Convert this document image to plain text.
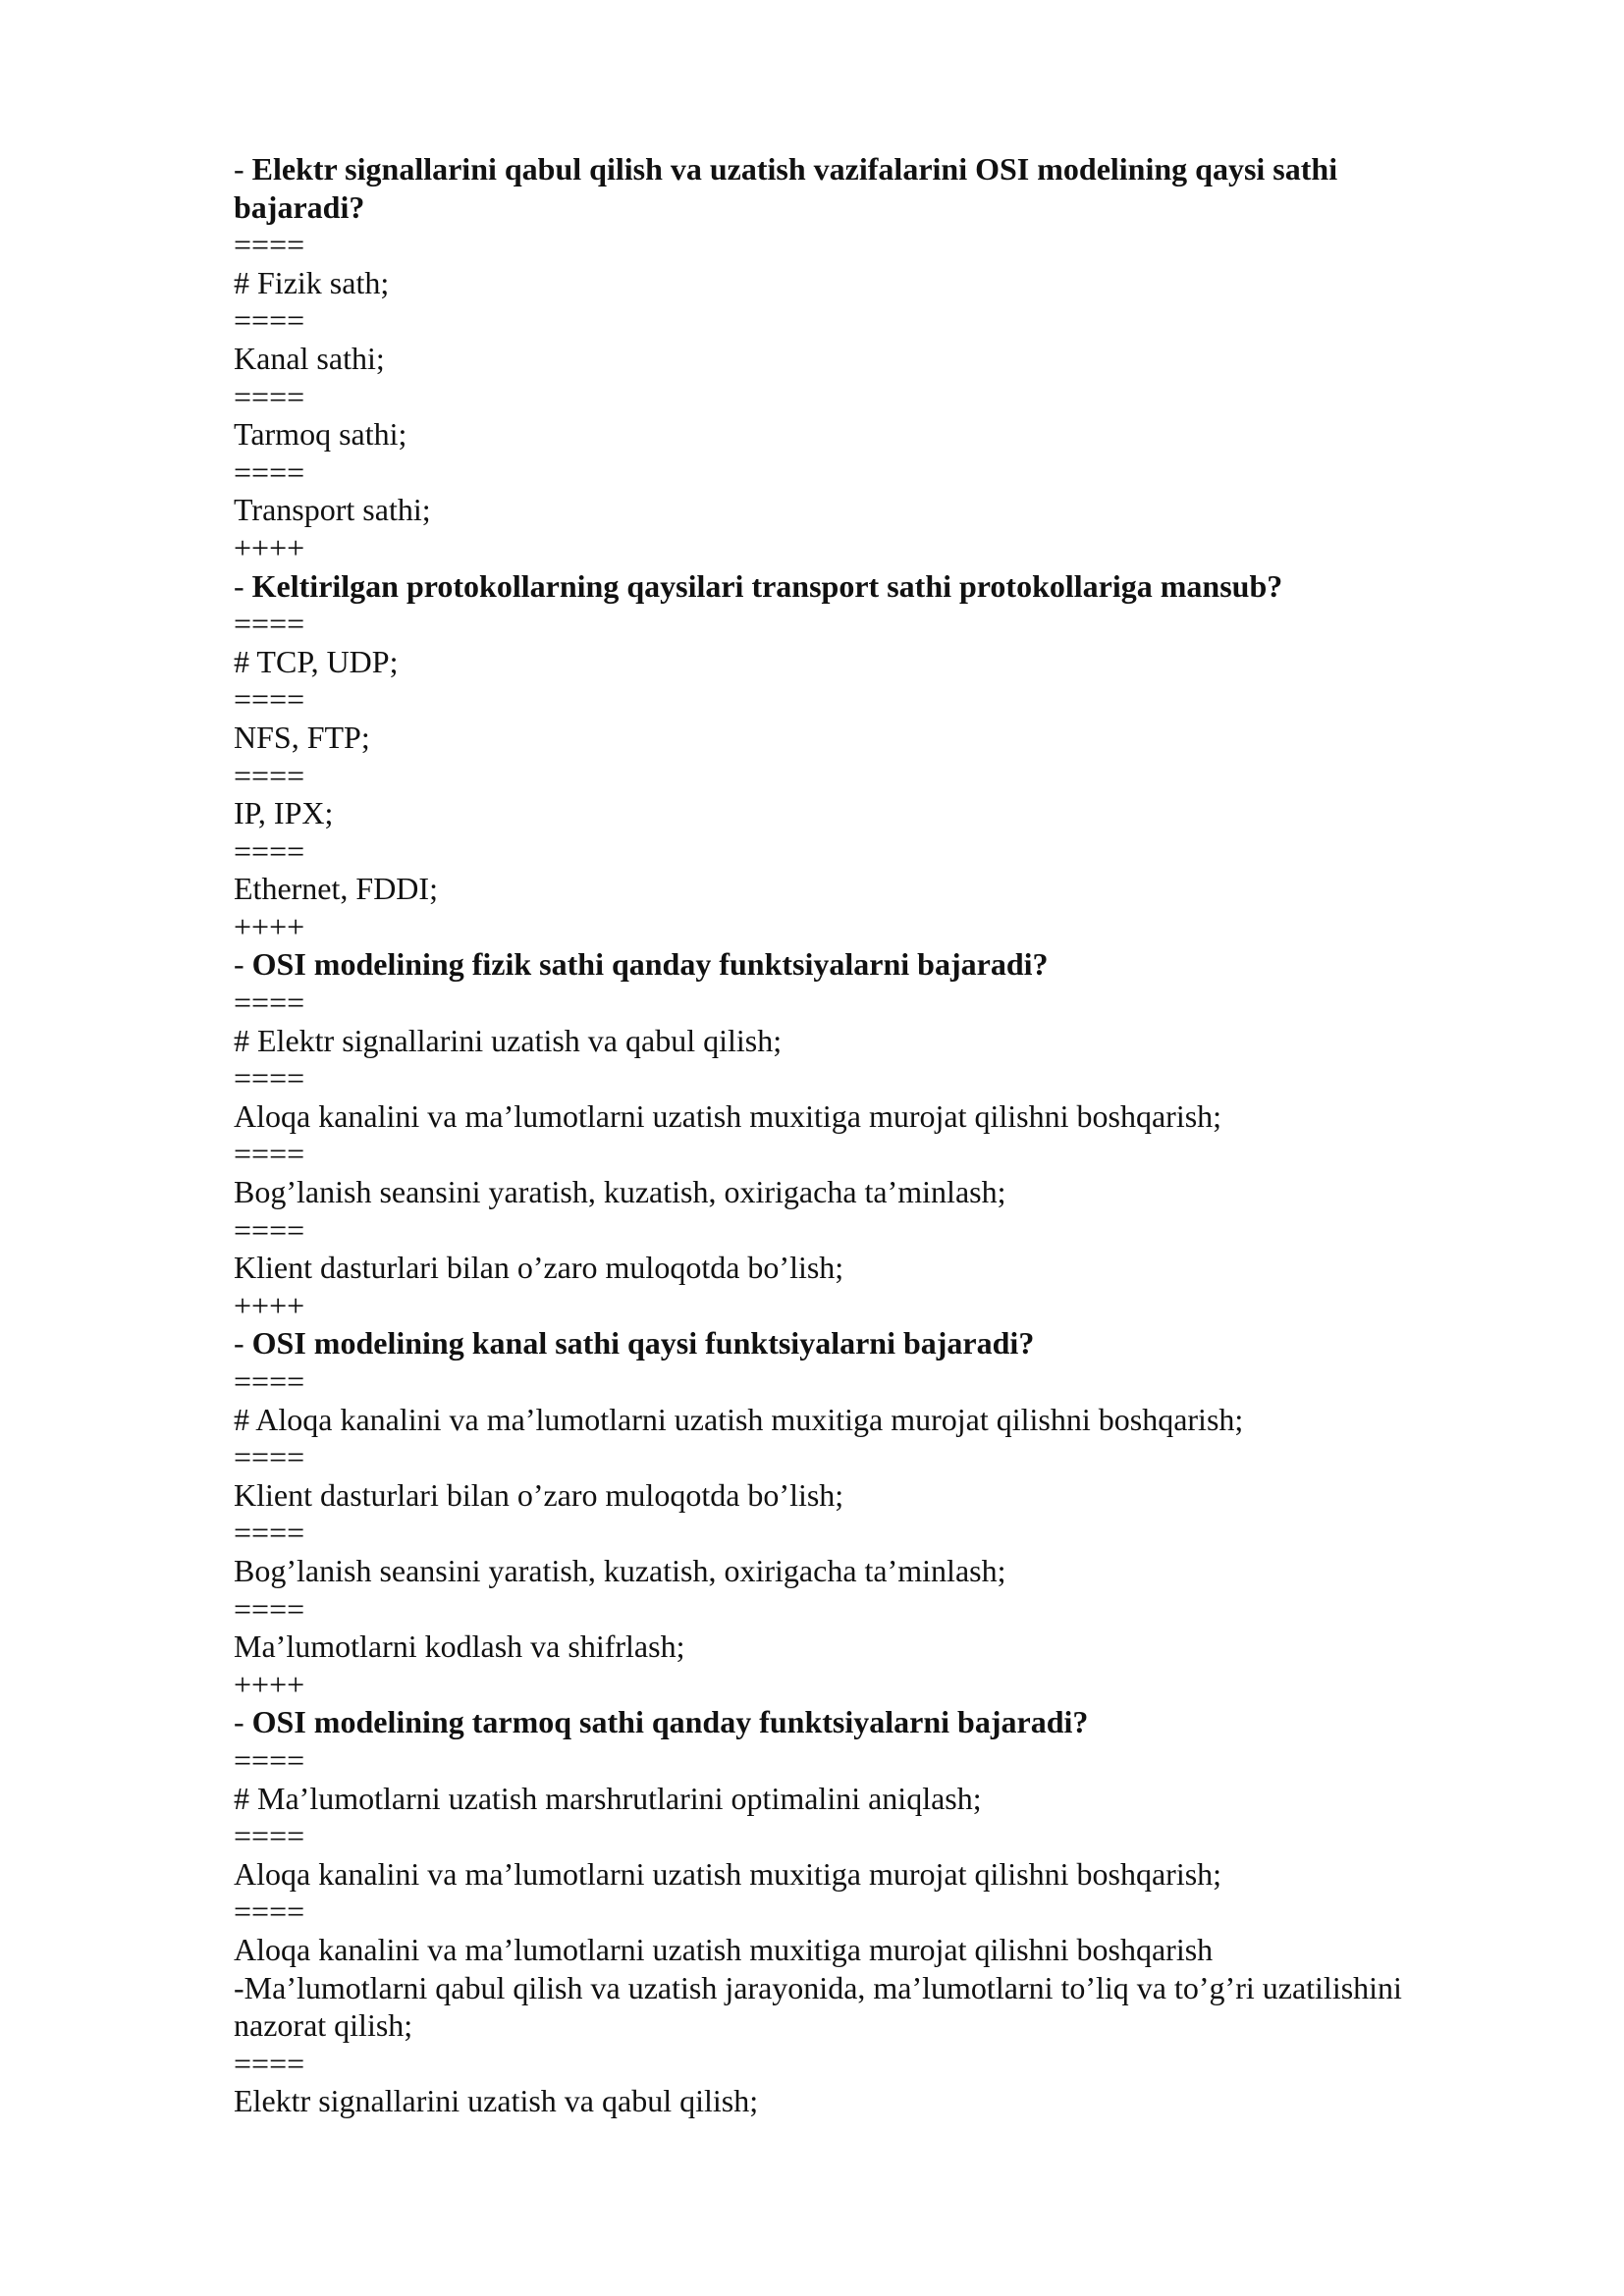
- Elektr signallarini qabul qilish va uzatish vazifalarini OSI modelining qaysi sathi bajaradi?
====
# Fizik sath;
====
Kanal sathi;
====
Tarmoq sathi;
====
Transport sathi;
++++
- Keltirilgan protokollarning qaysilari transport sathi protokollariga mansub?
====
# TCP, UDP;
====
NFS, FTP;
====
IP, IPX;
====
Ethernet, FDDI;
++++
- OSI modelining fizik sathi qanday funktsiyalarni bajaradi?
====
# Elektr signallarini uzatish va qabul qilish;
====
Aloqa kanalini va ma’lumotlarni uzatish muxitiga murojat qilishni boshqarish;
====
Bog’lanish seansini yaratish, kuzatish, oxirigacha ta’minlash;
====
Klient dasturlari bilan o’zaro muloqotda bo’lish;
++++
- OSI modelining kanal sathi qaysi funktsiyalarni bajaradi?
====
# Aloqa kanalini va ma’lumotlarni uzatish muxitiga murojat qilishni boshqarish;
====
Klient dasturlari bilan o’zaro muloqotda bo’lish;
====
Bog’lanish seansini yaratish, kuzatish, oxirigacha ta’minlash;
====
Ma’lumotlarni kodlash va shifrlash;
++++
- OSI modelining tarmoq sathi qanday funktsiyalarni bajaradi?
====
# Ma’lumotlarni uzatish marshrutlarini optimalini aniqlash;
====
Aloqa kanalini va ma’lumotlarni uzatish muxitiga murojat qilishni boshqarish;
====
Aloqa kanalini va ma’lumotlarni uzatish muxitiga murojat qilishni boshqarish
-Ma’lumotlarni qabul qilish va uzatish jarayonida, ma’lumotlarni to’liq va to’g’ri uzatilishini nazorat qilish;
====
Elektr signallarini uzatish va qabul qilish;
